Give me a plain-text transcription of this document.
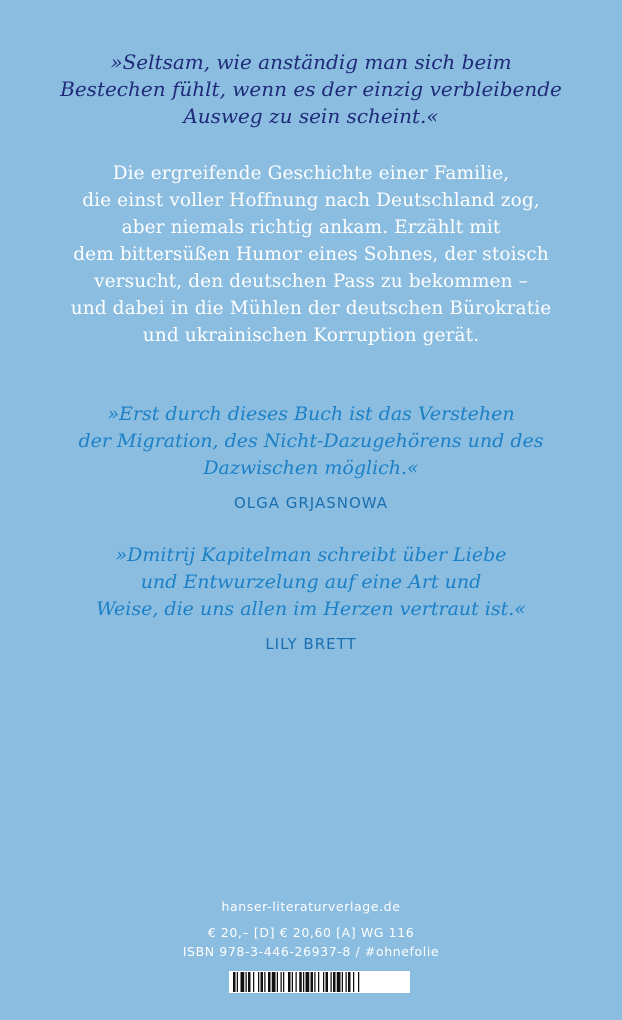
»Seltsam, wie anständig man sich beim
Bestechen fühlt, wenn es der einzig verbleibende
Ausweg zu sein scheint.«
Die ergreifende Geschichte einer Familie,
die einst voller Hoffnung nach Deutschland zog,
aber niemals richtig ankam. Erzählt mit
dem bittersüßen Humor eines Sohnes, der stoisch
versucht, den deutschen Pass zu bekommen –
und dabei in die Mühlen der deutschen Bürokratie
und ukrainischen Korruption gerät.
»Erst durch dieses Buch ist das Verstehen
der Migration, des Nicht-Dazugehörens und des
Dazwischen möglich.«
OLGA GRJASNOWA
»Dmitrij Kapitelman schreibt über Liebe
und Entwurzelung auf eine Art und
Weise, die uns allen im Herzen vertraut ist.«
LILY BRETT
hanser-literaturverlage.de
€ 20,– [D] € 20,60 [A] WG 116
ISBN 978-3-446-26937-8 / #ohnefolie
